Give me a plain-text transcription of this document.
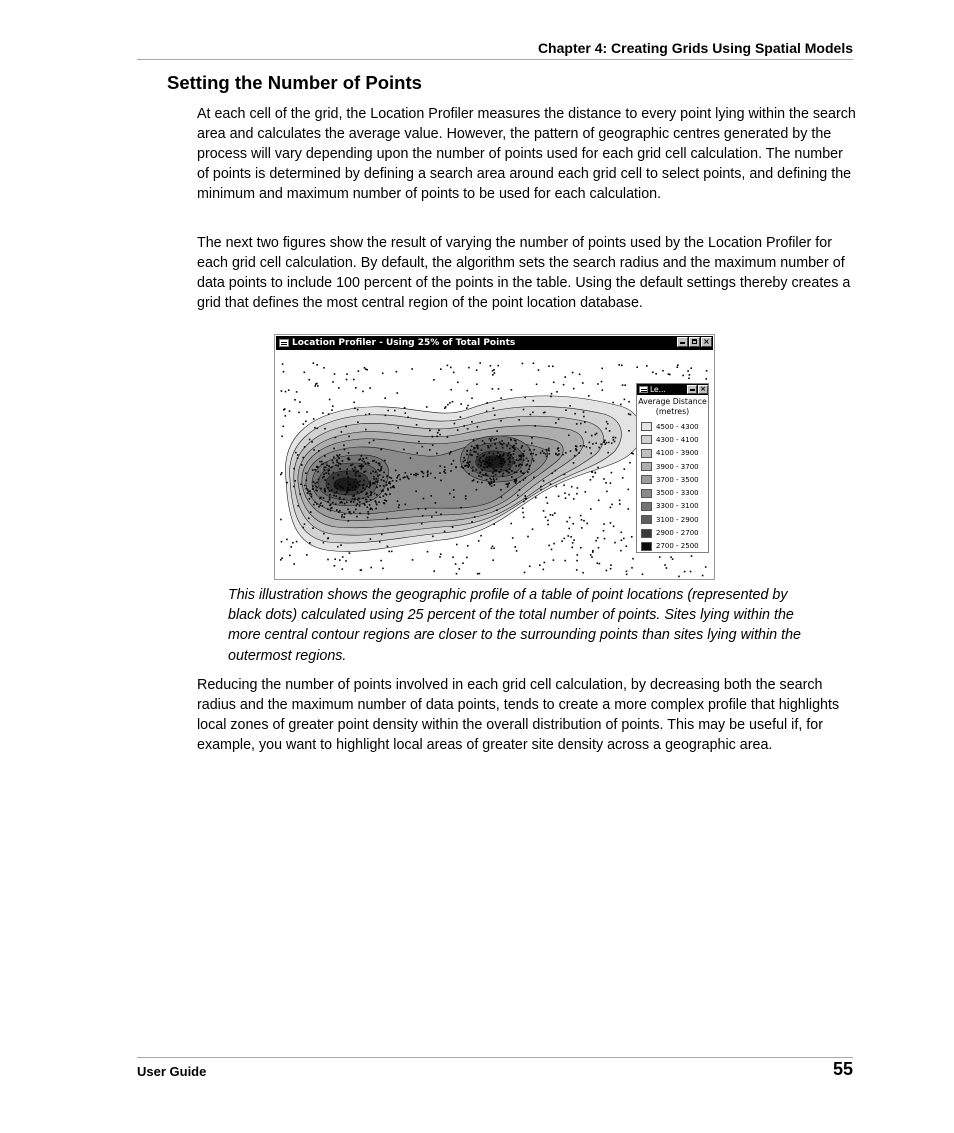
Chapter 4: Creating Grids Using Spatial Models
Setting the Number of Points
At each cell of the grid, the Location Profiler measures the distance to every point lying within the search area and calculates the average value. However, the pattern of geographic centres generated by the process will vary depending upon the number of points used for each grid cell calculation. The number of points is determined by defining a search area around each grid cell to select points, and defining the minimum and maximum number of points to be used for each calculation.
The next two figures show the result of varying the number of points used by the Location Profiler for each grid cell calculation. By default, the algorithm sets the search radius and the maximum number of data points to include 100 percent of the points in the table. Using the default settings thereby creates a grid that defines the most central region of the point location database.
Location Profiler - Using 25% of Total Points	×
Le...	×
Average Distance
(metres)
4500 - 4300
4300 - 4100
4100 - 3900
3900 - 3700
3700 - 3500
3500 - 3300
3300 - 3100
3100 - 2900
2900 - 2700
2700 - 2500
This illustration shows the geographic profile of a table of point locations (represented by black dots) calculated using 25 percent of the total number of points. Sites lying within the more central contour regions are closer to the surrounding points than sites lying within the outermost regions.
Reducing the number of points involved in each grid cell calculation, by decreasing both the search radius and the maximum number of data points, tends to create a more complex profile that highlights local zones of greater point density within the overall distribution of points. This may be useful if, for example, you want to highlight local areas of greater site density across a geographic area.
User Guide	55
